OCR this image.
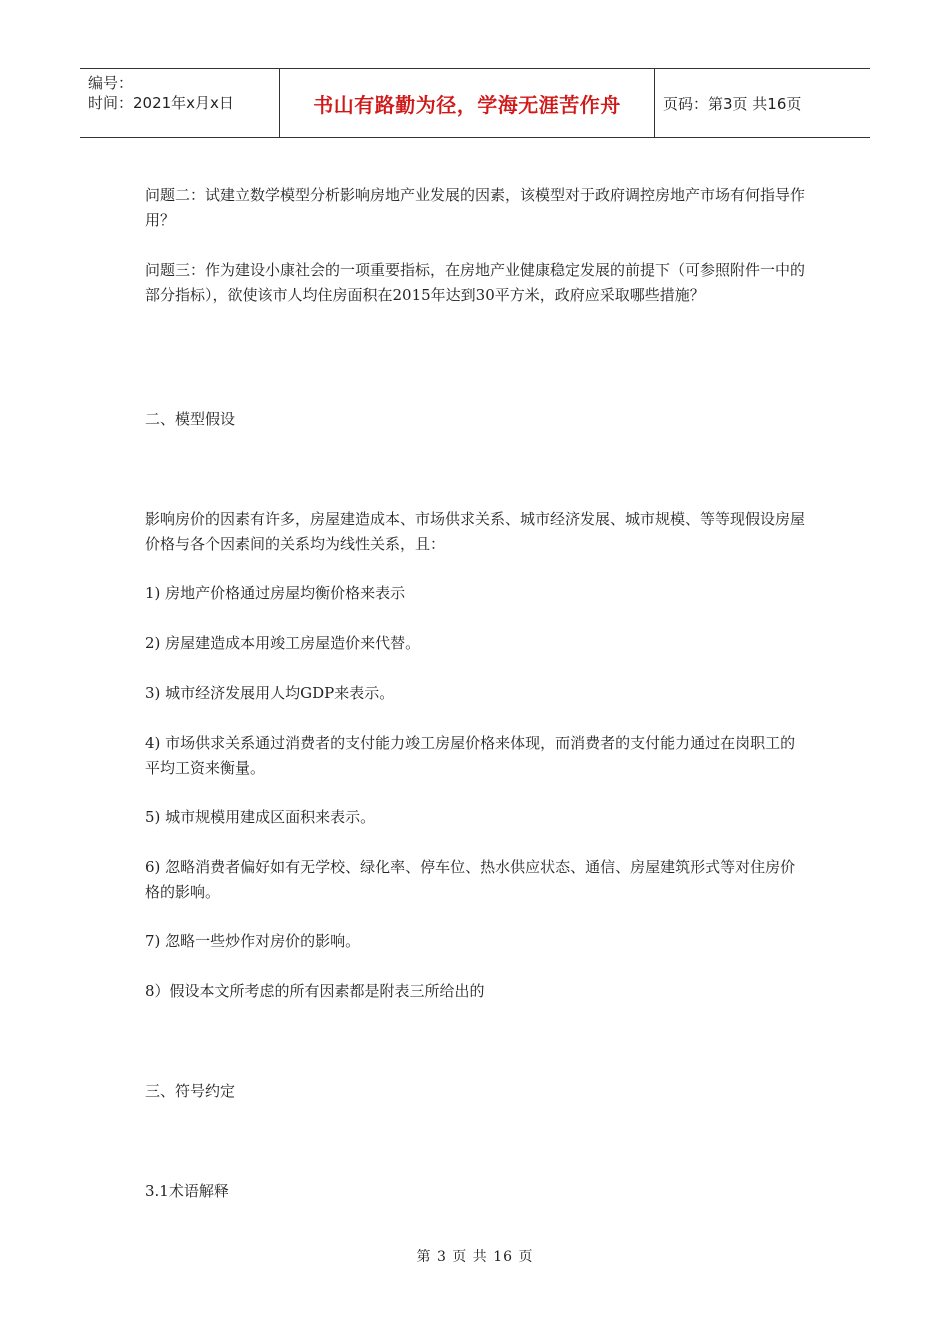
编号：
时间：2021年x月x日	书山有路勤为径，学海无涯苦作舟	页码：第3页 共16页

问题二：试建立数学模型分析影响房地产业发展的因素，该模型对于政府调控房地产市场有何指导作用？

问题三：作为建设小康社会的一项重要指标，在房地产业健康稳定发展的前提下（可参照附件一中的部分指标），欲使该市人均住房面积在2015年达到30平方米，政府应采取哪些措施？

二、模型假设

影响房价的因素有许多，房屋建造成本、市场供求关系、城市经济发展、城市规模、等等现假设房屋价格与各个因素间的关系均为线性关系，且：

1) 房地产价格通过房屋均衡价格来表示

2) 房屋建造成本用竣工房屋造价来代替。

3) 城市经济发展用人均GDP来表示。

4) 市场供求关系通过消费者的支付能力竣工房屋价格来体现，而消费者的支付能力通过在岗职工的平均工资来衡量。

5) 城市规模用建成区面积来表示。

6) 忽略消费者偏好如有无学校、绿化率、停车位、热水供应状态、通信、房屋建筑形式等对住房价格的影响。

7) 忽略一些炒作对房价的影响。

8）假设本文所考虑的所有因素都是附表三所给出的

三、符号约定

3.1术语解释

第 3 页 共 16 页
